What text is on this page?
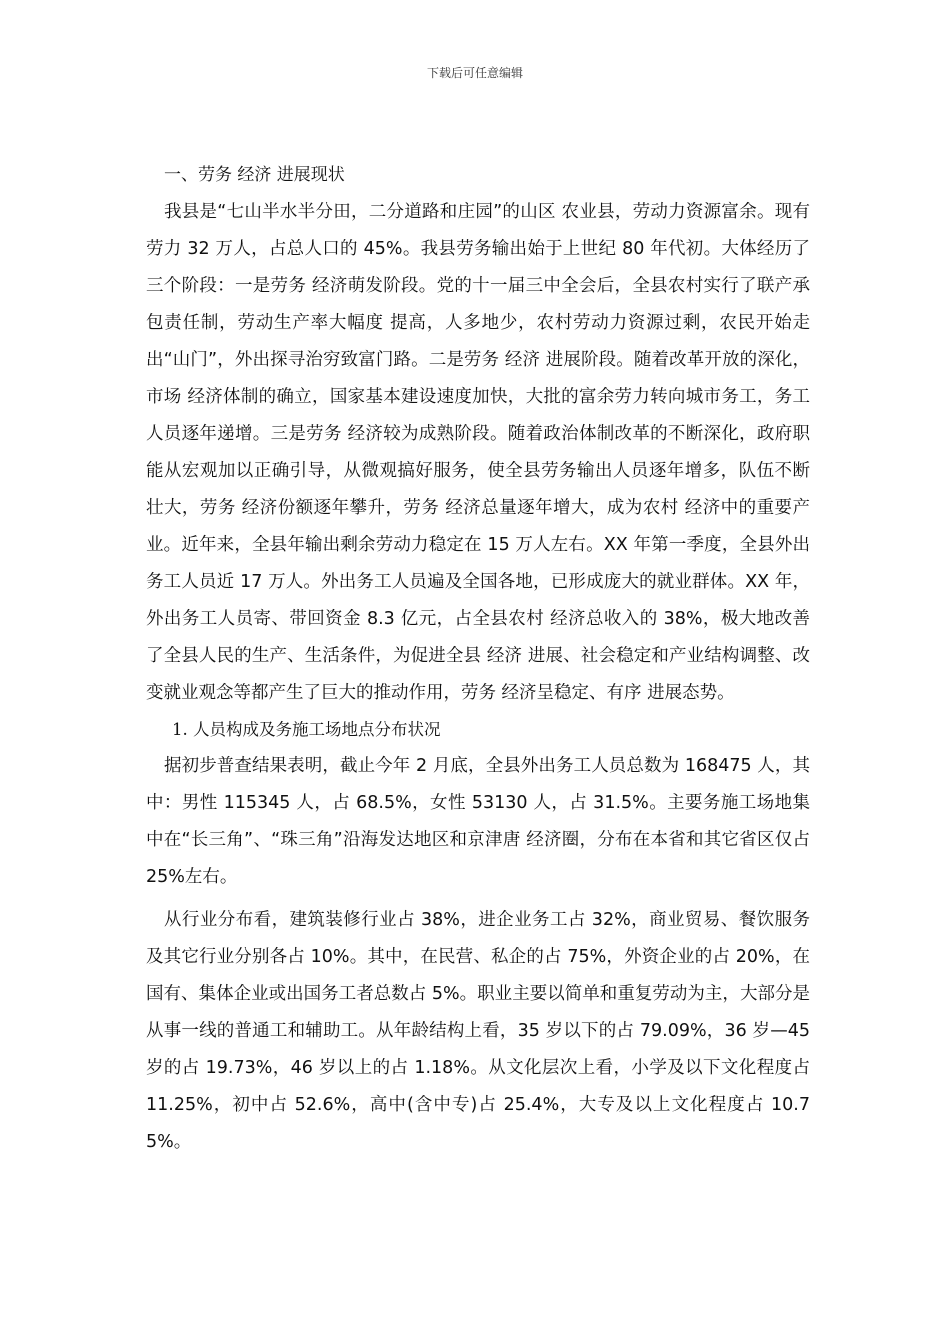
下载后可任意编辑

一、劳务 经济 进展现状

我县是“七山半水半分田，二分道路和庄园”的山区 农业县，劳动力资源富余。现有劳力 32 万人，占总人口的 45%。我县劳务输出始于上世纪 80 年代初。大体经历了三个阶段：一是劳务 经济萌发阶段。党的十一届三中全会后，全县农村实行了联产承包责任制，劳动生产率大幅度 提高，人多地少，农村劳动力资源过剩，农民开始走出“山门”，外出探寻治穷致富门路。二是劳务 经济 进展阶段。随着改革开放的深化，市场 经济体制的确立，国家基本建设速度加快，大批的富余劳力转向城市务工，务工人员逐年递增。三是劳务 经济较为成熟阶段。随着政治体制改革的不断深化，政府职能从宏观加以正确引导，从微观搞好服务，使全县劳务输出人员逐年增多，队伍不断壮大，劳务 经济份额逐年攀升，劳务 经济总量逐年增大，成为农村 经济中的重要产业。近年来，全县年输出剩余劳动力稳定在 15 万人左右。XX 年第一季度，全县外出务工人员近 17 万人。外出务工人员遍及全国各地，已形成庞大的就业群体。XX 年，外出务工人员寄、带回资金 8.3 亿元，占全县农村 经济总收入的 38%，极大地改善了全县人民的生产、生活条件，为促进全县 经济 进展、社会稳定和产业结构调整、改变就业观念等都产生了巨大的推动作用，劳务 经济呈稳定、有序 进展态势。

1. 人员构成及务施工场地点分布状况

据初步普查结果表明，截止今年 2 月底，全县外出务工人员总数为 168475 人，其中：男性 115345 人，占 68.5%，女性 53130 人，占 31.5%。主要务施工场地集中在“长三角”、“珠三角”沿海发达地区和京津唐 经济圈，分布在本省和其它省区仅占 25%左右。

从行业分布看，建筑装修行业占 38%，进企业务工占 32%，商业贸易、餐饮服务及其它行业分别各占 10%。其中，在民营、私企的占 75%，外资企业的占 20%，在国有、集体企业或出国务工者总数占 5%。职业主要以简单和重复劳动为主，大部分是从事一线的普通工和辅助工。从年龄结构上看，35 岁以下的占 79.09%，36 岁—45 岁的占 19.73%，46 岁以上的占 1.18%。从文化层次上看，小学及以下文化程度占 11.25%，初中占 52.6%，高中(含中专)占 25.4%，大专及以上文化程度占 10.75%。
